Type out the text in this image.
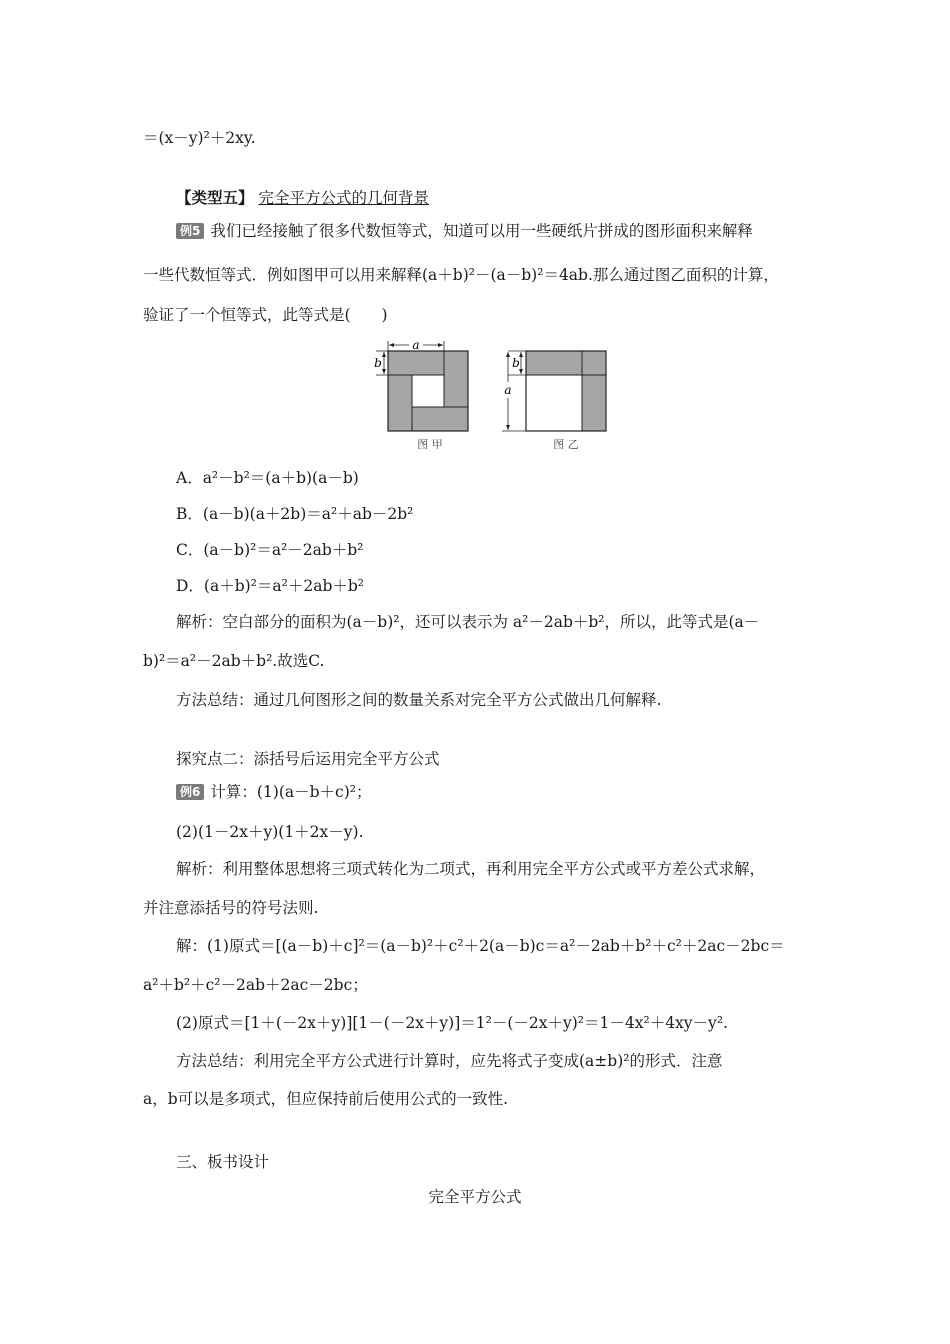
＝(x－y)²＋2xy.
【类型五】 完全平方公式的几何背景
例5 我们已经接触了很多代数恒等式，知道可以用一些硬纸片拼成的图形面积来解释
一些代数恒等式．例如图甲可以用来解释(a＋b)²－(a－b)²＝4ab.那么通过图乙面积的计算，
验证了一个恒等式，此等式是(　　)
a
b
图 甲
b
a
图 乙
A．a²－b²＝(a＋b)(a－b)
B．(a－b)(a＋2b)＝a²＋ab－2b²
C．(a－b)²＝a²－2ab＋b²
D．(a＋b)²＝a²＋2ab＋b²
解析：空白部分的面积为(a－b)²，还可以表示为 a²－2ab＋b²，所以，此等式是(a－
b)²＝a²－2ab＋b².故选C.
方法总结：通过几何图形之间的数量关系对完全平方公式做出几何解释.
探究点二：添括号后运用完全平方公式
例6 计算：(1)(a－b＋c)²；
(2)(1－2x＋y)(1＋2x－y).
解析：利用整体思想将三项式转化为二项式，再利用完全平方公式或平方差公式求解，
并注意添括号的符号法则.
解：(1)原式＝[(a－b)＋c]²＝(a－b)²＋c²＋2(a－b)c＝a²－2ab＋b²＋c²＋2ac－2bc＝
a²＋b²＋c²－2ab＋2ac－2bc；
(2)原式＝[1＋(－2x＋y)][1－(－2x＋y)]＝1²－(－2x＋y)²＝1－4x²＋4xy－y².
方法总结：利用完全平方公式进行计算时，应先将式子变成(a±b)²的形式．注意
a，b可以是多项式，但应保持前后使用公式的一致性.
三、板书设计
完全平方公式
